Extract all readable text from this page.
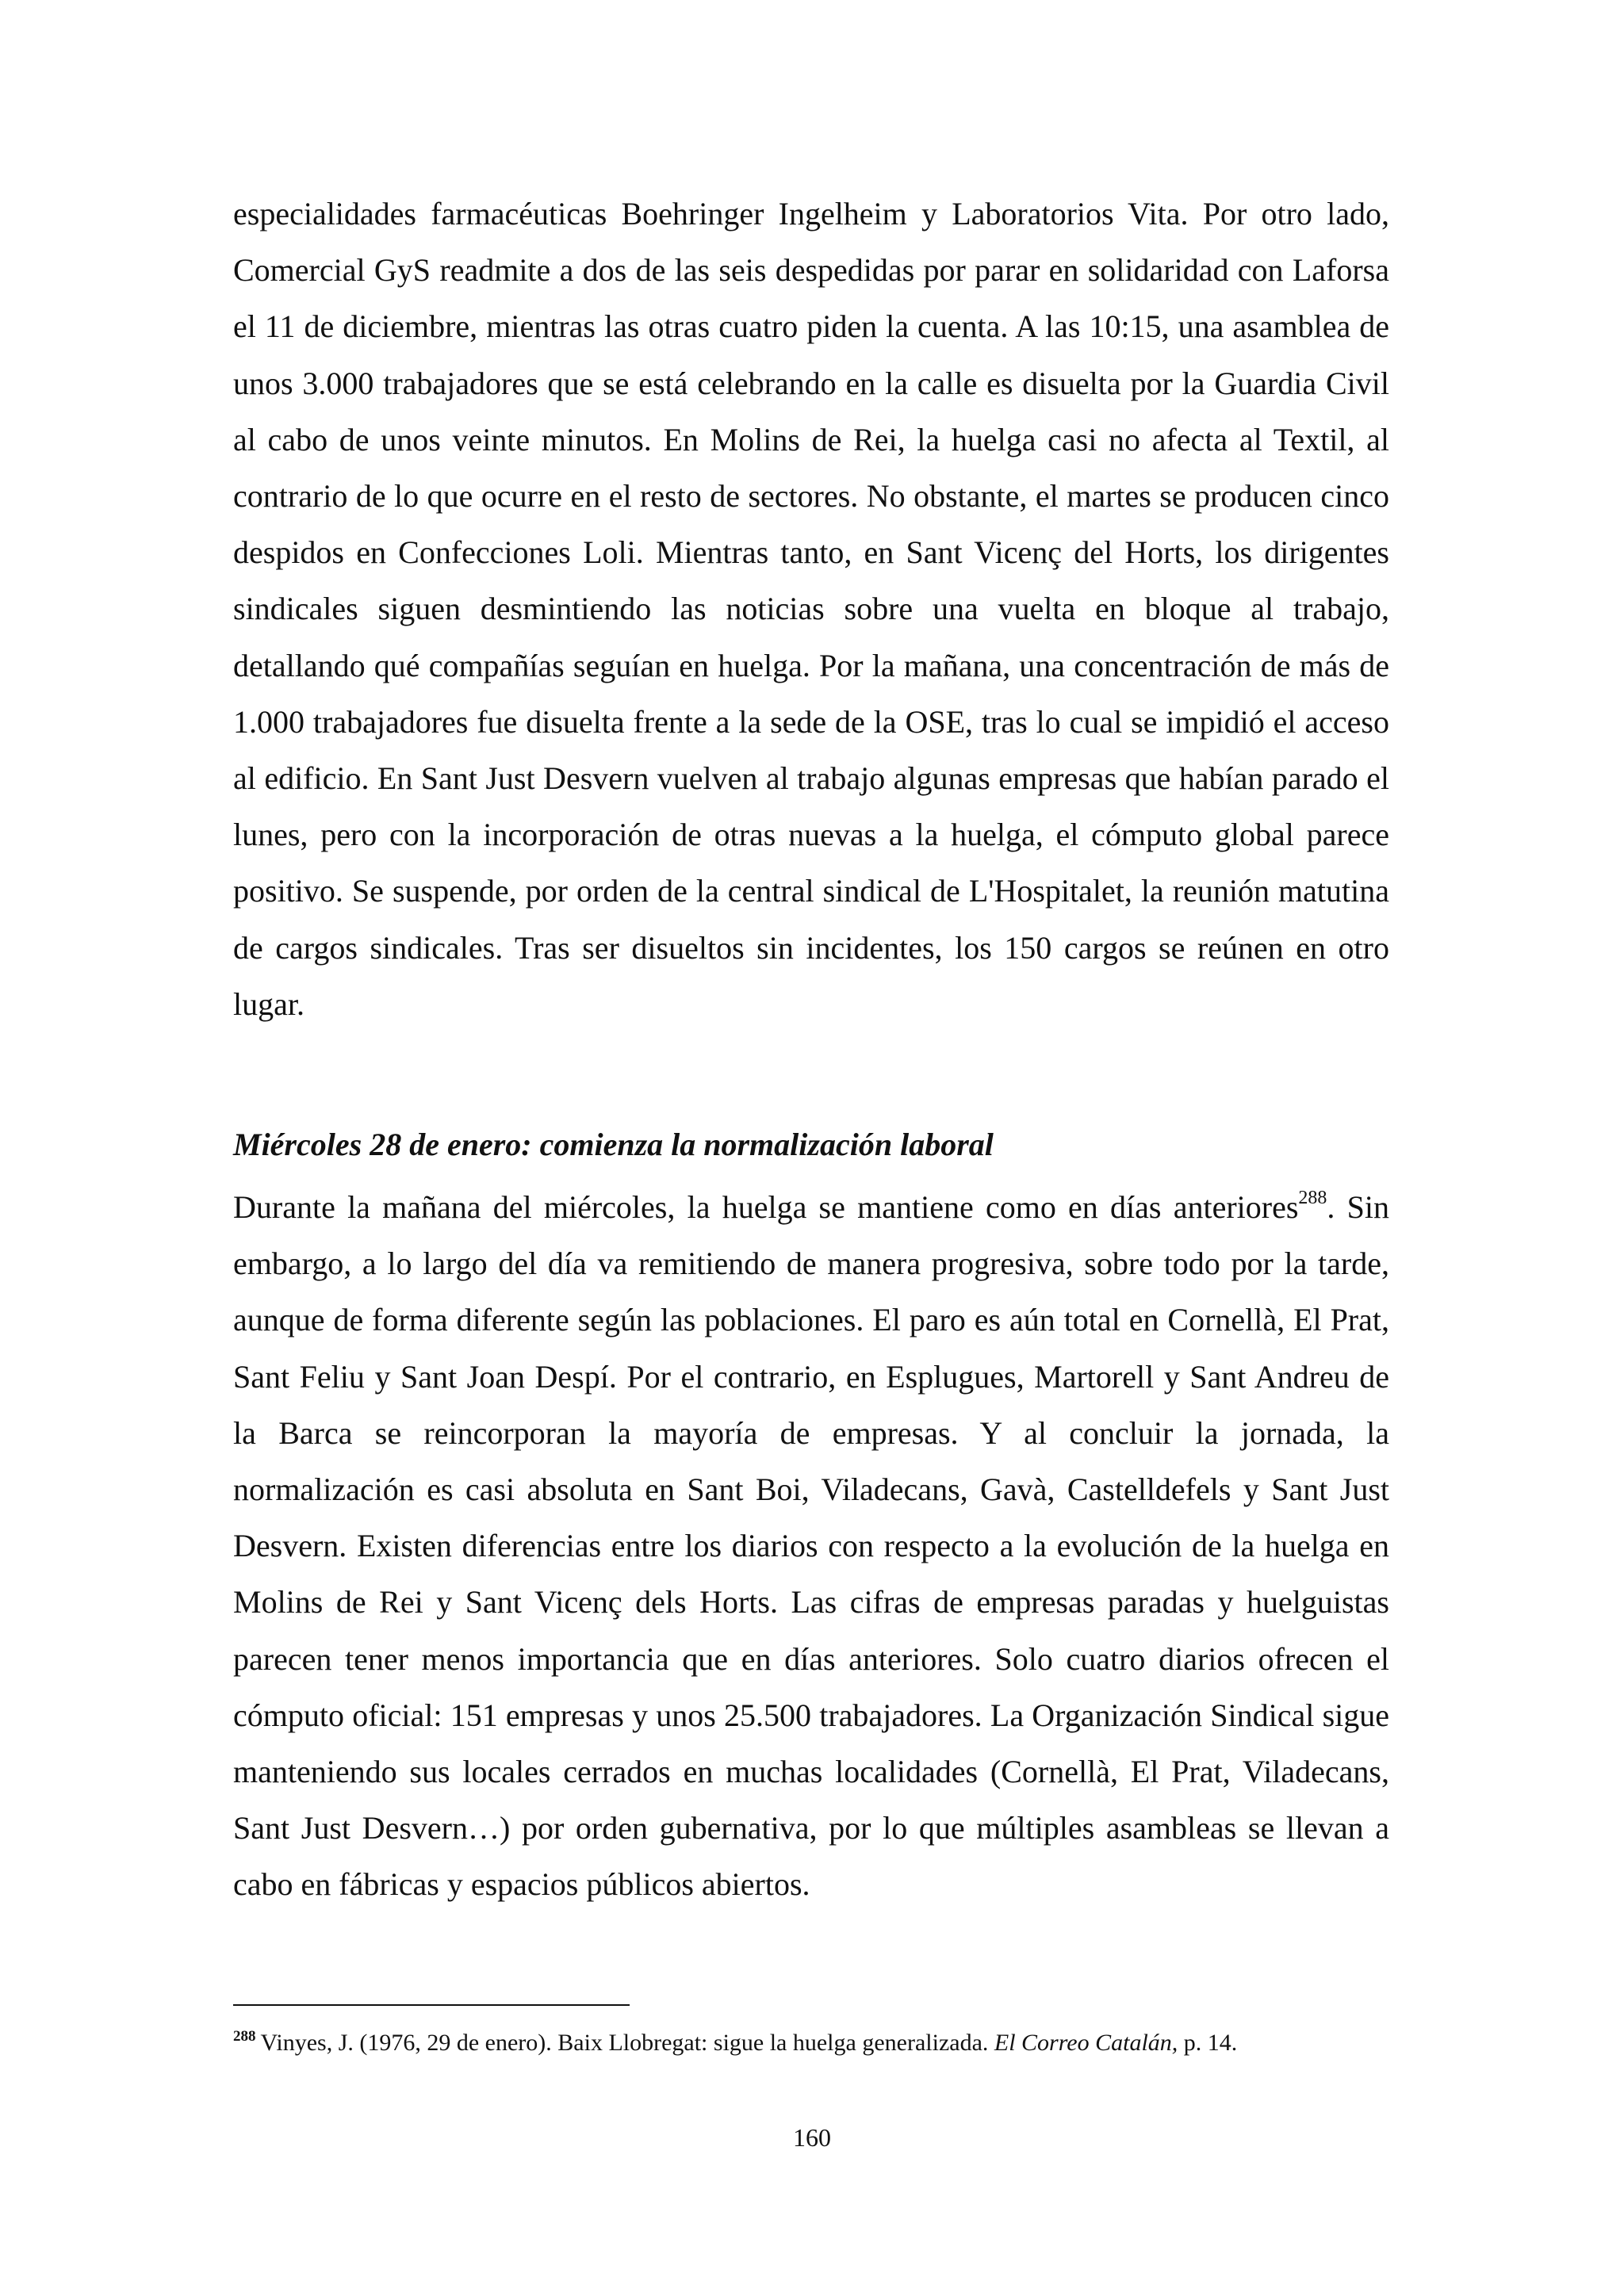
especialidades farmacéuticas Boehringer Ingelheim y Laboratorios Vita. Por otro lado, Comercial GyS readmite a dos de las seis despedidas por parar en solidaridad con Laforsa el 11 de diciembre, mientras las otras cuatro piden la cuenta. A las 10:15, una asamblea de unos 3.000 trabajadores que se está celebrando en la calle es disuelta por la Guardia Civil al cabo de unos veinte minutos. En Molins de Rei, la huelga casi no afecta al Textil, al contrario de lo que ocurre en el resto de sectores. No obstante, el martes se producen cinco despidos en Confecciones Loli. Mientras tanto, en Sant Vicenç del Horts, los dirigentes sindicales siguen desmintiendo las noticias sobre una vuelta en bloque al trabajo, detallando qué compañías seguían en huelga. Por la mañana, una concentración de más de 1.000 trabajadores fue disuelta frente a la sede de la OSE, tras lo cual se impidió el acceso al edificio. En Sant Just Desvern vuelven al trabajo algunas empresas que habían parado el lunes, pero con la incorporación de otras nuevas a la huelga, el cómputo global parece positivo. Se suspende, por orden de la central sindical de L'Hospitalet, la reunión matutina de cargos sindicales. Tras ser disueltos sin incidentes, los 150 cargos se reúnen en otro lugar.

Miércoles 28 de enero: comienza la normalización laboral

Durante la mañana del miércoles, la huelga se mantiene como en días anteriores$^{288}$. Sin embargo, a lo largo del día va remitiendo de manera progresiva, sobre todo por la tarde, aunque de forma diferente según las poblaciones. El paro es aún total en Cornellà, El Prat, Sant Feliu y Sant Joan Despí. Por el contrario, en Esplugues, Martorell y Sant Andreu de la Barca se reincorporan la mayoría de empresas. Y al concluir la jornada, la normalización es casi absoluta en Sant Boi, Viladecans, Gavà, Castelldefels y Sant Just Desvern. Existen diferencias entre los diarios con respecto a la evolución de la huelga en Molins de Rei y Sant Vicenç dels Horts. Las cifras de empresas paradas y huelguistas parecen tener menos importancia que en días anteriores. Solo cuatro diarios ofrecen el cómputo oficial: 151 empresas y unos 25.500 trabajadores. La Organización Sindical sigue manteniendo sus locales cerrados en muchas localidades (Cornellà, El Prat, Viladecans, Sant Just Desvern…) por orden gubernativa, por lo que múltiples asambleas se llevan a cabo en fábricas y espacios públicos abiertos.

$^{288}$ Vinyes, J. (1976, 29 de enero). Baix Llobregat: sigue la huelga generalizada. El Correo Catalán, p. 14.

160
